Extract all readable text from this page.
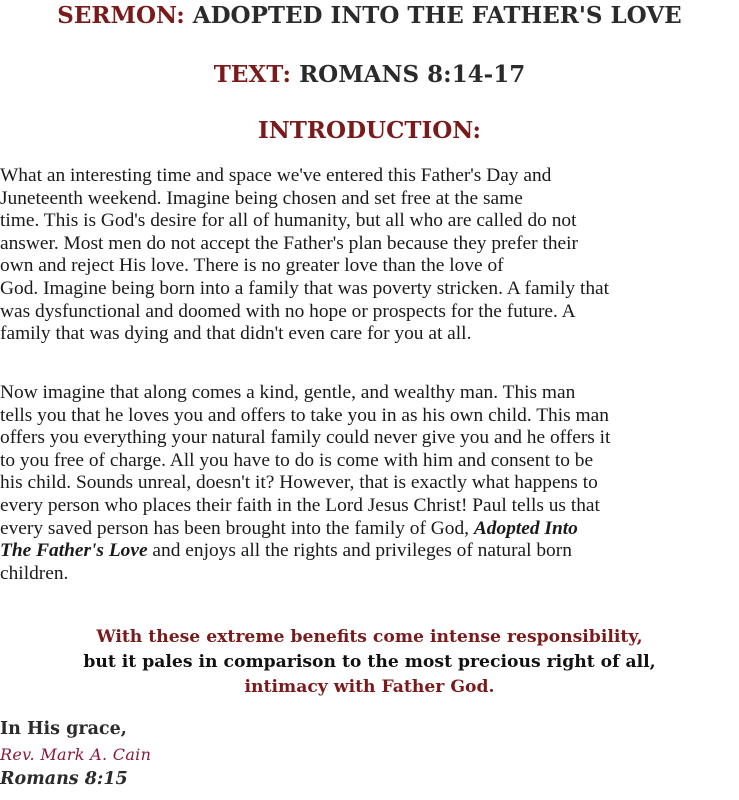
SERMON: ADOPTED INTO THE FATHER'S LOVE
TEXT: ROMANS 8:14-17
INTRODUCTION:

What an interesting time and space we've entered this Father's Day and
Juneteenth weekend. Imagine being chosen and set free at the same
time. This is God's desire for all of humanity, but all who are called do not
answer. Most men do not accept the Father's plan because they prefer their
own and reject His love. There is no greater love than the love of
God. Imagine being born into a family that was poverty stricken. A family that
was dysfunctional and doomed with no hope or prospects for the future. A
family that was dying and that didn't even care for you at all.

Now imagine that along comes a kind, gentle, and wealthy man. This man
tells you that he loves you and offers to take you in as his own child. This man
offers you everything your natural family could never give you and he offers it
to you free of charge. All you have to do is come with him and consent to be
his child. Sounds unreal, doesn't it? However, that is exactly what happens to
every person who places their faith in the Lord Jesus Christ! Paul tells us that
every saved person has been brought into the family of God, Adopted Into
The Father's Love and enjoys all the rights and privileges of natural born
children.

With these extreme benefits come intense responsibility,
but it pales in comparison to the most precious right of all,
intimacy with Father God.
In His grace,
Rev. Mark A. Cain
Romans 8:15
